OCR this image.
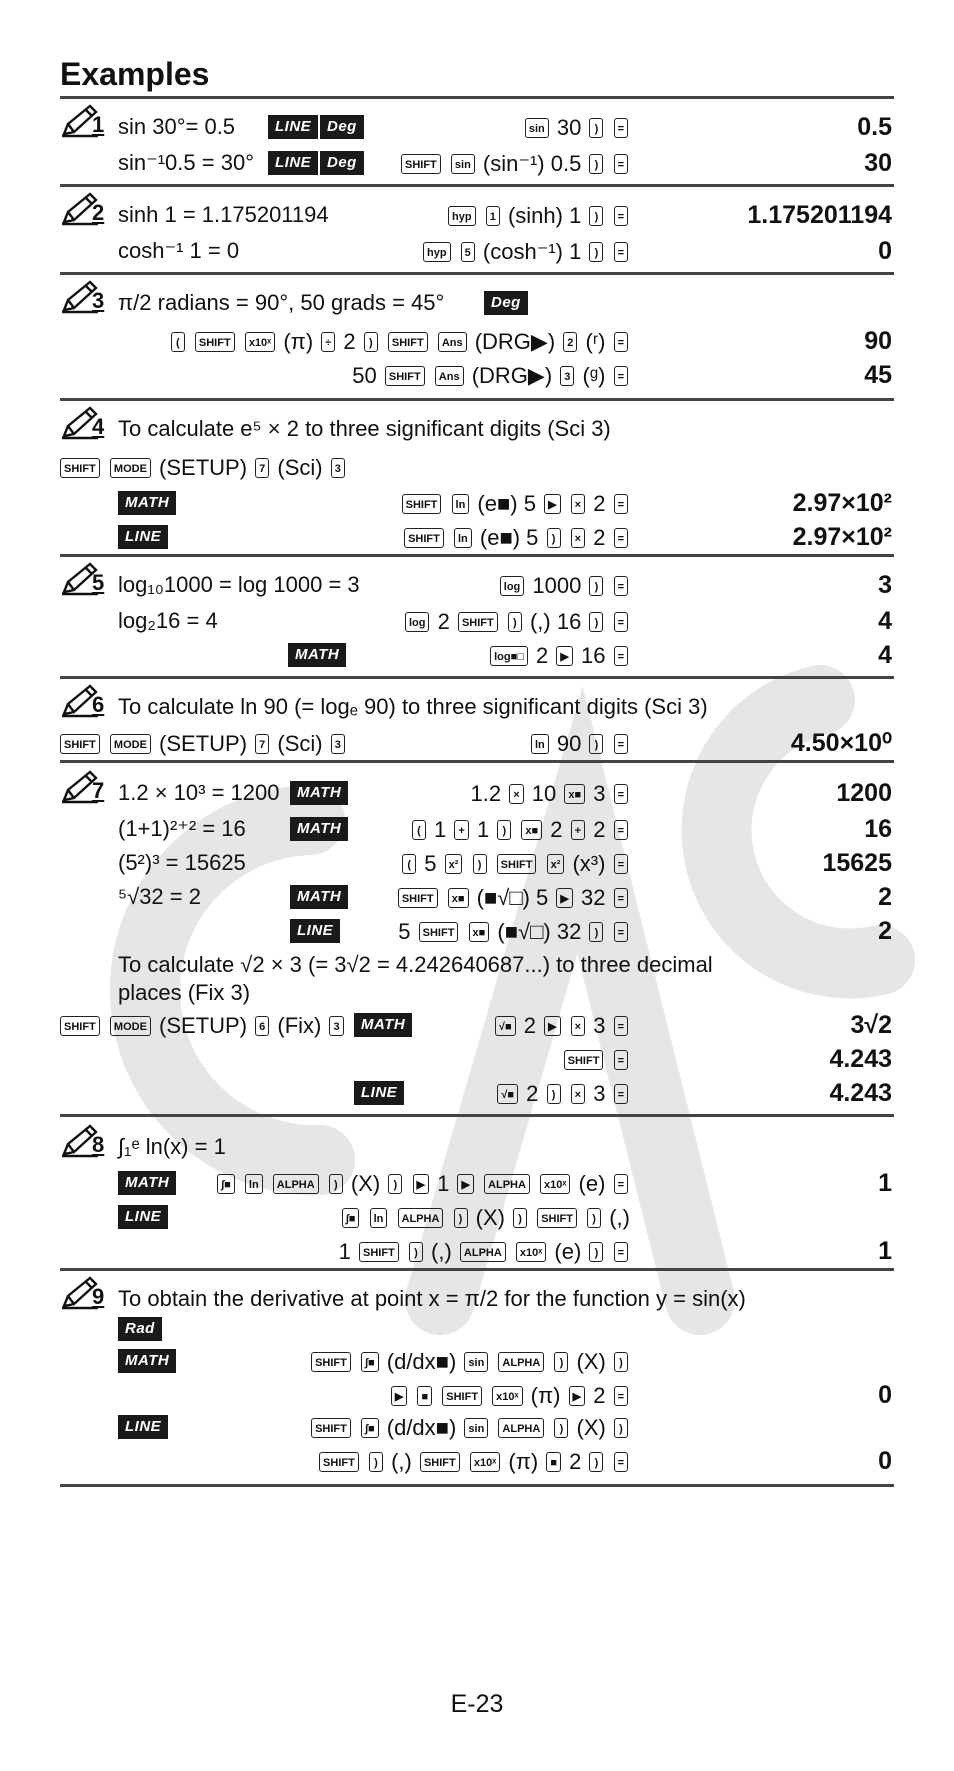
Examples
1 sin 30°= 0.5	LINE	Deg	sin 30 ) =	0.5
sin⁻¹0.5 = 30°	LINE	Deg	SHIFT sin (sin⁻¹) 0.5 ) =	30
2 sinh 1 = 1.175201194	hyp 1 (sinh) 1 ) =	1.175201194
cosh⁻¹ 1 = 0	hyp 5 (cosh⁻¹) 1 ) =	0
3 π/2 radians = 90°, 50 grads = 45°	Deg
( SHIFT x10ˣ (π) ÷ 2 ) SHIFT Ans (DRG▶) 2 (ʳ) =	90
50 SHIFT Ans (DRG▶) 3 (ᵍ) =	45
4 To calculate e⁵ × 2 to three significant digits (Sci 3)
SHIFT MODE (SETUP) 7 (Sci) 3
MATH	SHIFT ln (e■) 5 ▶ × 2 =	2.97×10²
LINE	SHIFT ln (e■) 5 ) × 2 =	2.97×10²
5 log₁₀1000 = log 1000 = 3	log 1000 ) =	3
log₂16 = 4	log 2 SHIFT ) (,) 16 ) =	4
MATH	log■□ 2 ▶ 16 =	4
6 To calculate ln 90 (= logₑ 90) to three significant digits (Sci 3)
SHIFT MODE (SETUP) 7 (Sci) 3	ln 90 ) =	4.50×10⁰
7 1.2 × 10³ = 1200	MATH	1.2 × 10 x■ 3 =	1200
(1+1)²⁺² = 16	MATH	( 1 + 1 ) x■ 2 + 2 =	16
(5²)³ = 15625	( 5 x² ) SHIFT x² (x³) =	15625
⁵√32 = 2	MATH	SHIFT x■ (■√□) 5 ▶ 32 =	2
LINE	5 SHIFT x■ (■√□) 32 ) =	2
To calculate √2 × 3 (= 3√2 = 4.242640687...) to three decimal
places (Fix 3)
SHIFT MODE (SETUP) 6 (Fix) 3	MATH	√■ 2 ▶ × 3 =	3√2
SHIFT =	4.243
LINE	√■ 2 ) × 3 =	4.243
8 ∫₁ᵉ ln(x) = 1
MATH	∫■ ln ALPHA ) (X) ) ▶ 1 ▶ ALPHA x10ˣ (e) =	1
LINE	∫■ ln ALPHA ) (X) ) SHIFT ) (,)
1 SHIFT ) (,) ALPHA x10ˣ (e) ) =	1
9 To obtain the derivative at point x = π/2 for the function y = sin(x)
Rad
MATH	SHIFT ∫■ (d/dx■) sin ALPHA ) (X) )
▶ ■ SHIFT x10ˣ (π) ▶ 2 =	0
LINE	SHIFT ∫■ (d/dx■) sin ALPHA ) (X) )
SHIFT ) (,) SHIFT x10ˣ (π) ■ 2 ) =	0
E-23
